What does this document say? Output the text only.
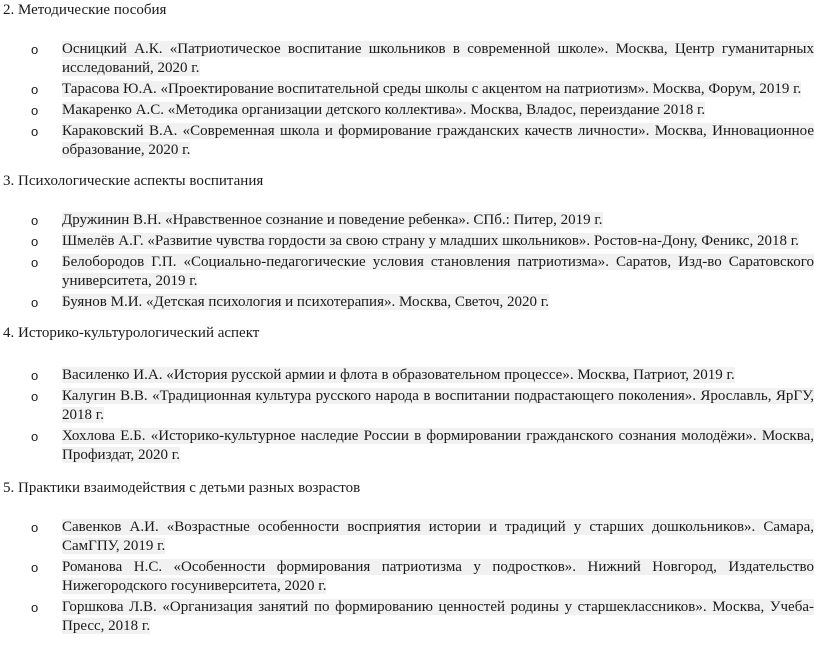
2. Методические пособия

o Осницкий А.К. «Патриотическое воспитание школьников в современной школе». Москва, Центр гуманитарных исследований, 2020 г.
o Тарасова Ю.А. «Проектирование воспитательной среды школы с акцентом на патриотизм». Москва, Форум, 2019 г.
o Макаренко А.С. «Методика организации детского коллектива». Москва, Владос, переиздание 2018 г.
o Караковский В.А. «Современная школа и формирование гражданских качеств личности». Москва, Инновационное образование, 2020 г.

3. Психологические аспекты воспитания

o Дружинин В.Н. «Нравственное сознание и поведение ребенка». СПб.: Питер, 2019 г.
o Шмелёв А.Г. «Развитие чувства гордости за свою страну у младших школьников». Ростов-на-Дону, Феникс, 2018 г.
o Белобородов Г.П. «Социально-педагогические условия становления патриотизма». Саратов, Изд-во Саратовского университета, 2019 г.
o Буянов М.И. «Детская психология и психотерапия». Москва, Светоч, 2020 г.

4. Историко-культурологический аспект

o Василенко И.А. «История русской армии и флота в образовательном процессе». Москва, Патриот, 2019 г.
o Калугин В.В. «Традиционная культура русского народа в воспитании подрастающего поколения». Ярославль, ЯрГУ, 2018 г.
o Хохлова Е.Б. «Историко-культурное наследие России в формировании гражданского сознания молодёжи». Москва, Профиздат, 2020 г.

5. Практики взаимодействия с детьми разных возрастов

o Савенков А.И. «Возрастные особенности восприятия истории и традиций у старших дошкольников». Самара, СамГПУ, 2019 г.
o Романова Н.С. «Особенности формирования патриотизма у подростков». Нижний Новгород, Издательство Нижегородского госуниверситета, 2020 г.
o Горшкова Л.В. «Организация занятий по формированию ценностей родины у старшеклассников». Москва, Учеба-Пресс, 2018 г.
